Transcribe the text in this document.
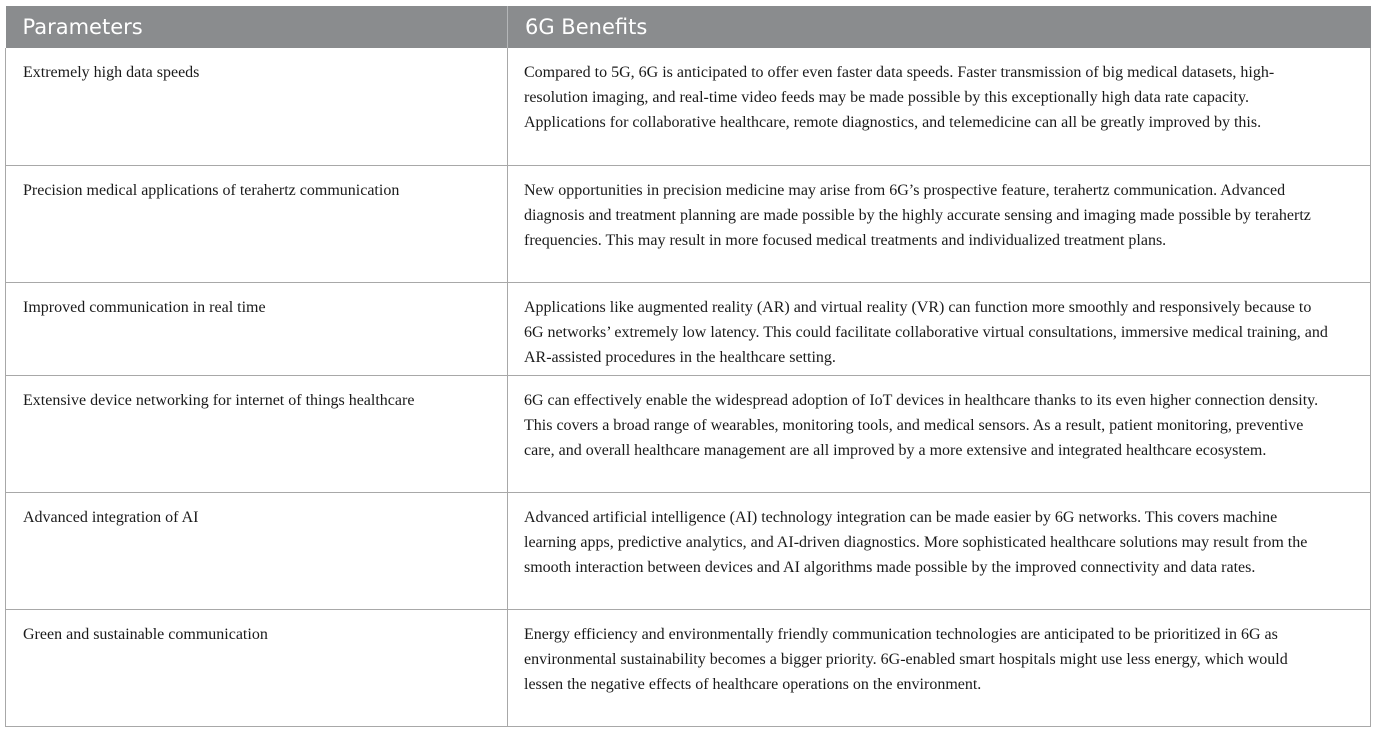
Parameters	6G Benefits
Extremely high data speeds	Compared to 5G, 6G is anticipated to offer even faster data speeds. Faster transmission of big medical datasets, high-resolution imaging, and real-time video feeds may be made possible by this exceptionally high data rate capacity. Applications for collaborative healthcare, remote diagnostics, and telemedicine can all be greatly improved by this.
Precision medical applications of terahertz communication	New opportunities in precision medicine may arise from 6G’s prospective feature, terahertz communication. Advanced diagnosis and treatment planning are made possible by the highly accurate sensing and imaging made possible by terahertz frequencies. This may result in more focused medical treatments and individualized treatment plans.
Improved communication in real time	Applications like augmented reality (AR) and virtual reality (VR) can function more smoothly and responsively because to 6G networks’ extremely low latency. This could facilitate collaborative virtual consultations, immersive medical training, and AR-assisted procedures in the healthcare setting.
Extensive device networking for internet of things healthcare	6G can effectively enable the widespread adoption of IoT devices in healthcare thanks to its even higher connection density. This covers a broad range of wearables, monitoring tools, and medical sensors. As a result, patient monitoring, preventive care, and overall healthcare management are all improved by a more extensive and integrated healthcare ecosystem.
Advanced integration of AI	Advanced artificial intelligence (AI) technology integration can be made easier by 6G networks. This covers machine learning apps, predictive analytics, and AI-driven diagnostics. More sophisticated healthcare solutions may result from the smooth interaction between devices and AI algorithms made possible by the improved connectivity and data rates.
Green and sustainable communication	Energy efficiency and environmentally friendly communication technologies are anticipated to be prioritized in 6G as environmental sustainability becomes a bigger priority. 6G-enabled smart hospitals might use less energy, which would lessen the negative effects of healthcare operations on the environment.
